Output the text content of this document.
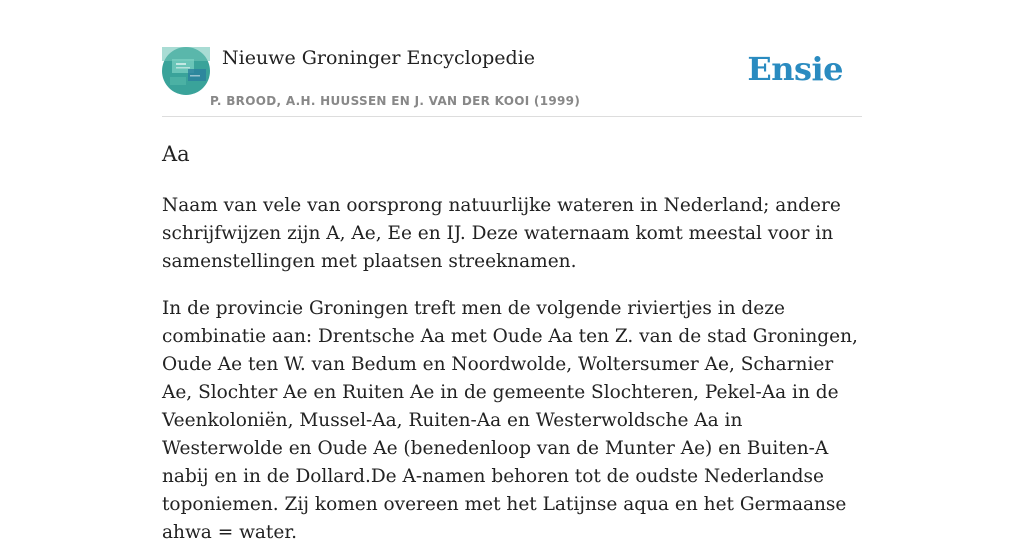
Nieuwe Groninger Encyclopedie
P. BROOD, A.H. HUUSSEN EN J. VAN DER KOOI (1999)
Ensie
Aa

Naam van vele van oorsprong natuurlijke wateren in Nederland; andere schrijfwijzen zijn A, Ae, Ee en IJ. Deze waternaam komt meestal voor in samenstellingen met plaatsen streeknamen.

In de provincie Groningen treft men de volgende riviertjes in deze combinatie aan: Drentsche Aa met Oude Aa ten Z. van de stad Groningen, Oude Ae ten W. van Bedum en Noordwolde, Woltersumer Ae, Scharnier Ae, Slochter Ae en Ruiten Ae in de gemeente Slochteren, Pekel-Aa in de Veenkoloniën, Mussel-Aa, Ruiten-Aa en Westerwoldsche Aa in Westerwolde en Oude Ae (benedenloop van de Munter Ae) en Buiten-A nabij en in de Dollard.De A-namen behoren tot de oudste Nederlandse toponiemen. Zij komen overeen met het Latijnse aqua en het Germaanse ahwa = water.
